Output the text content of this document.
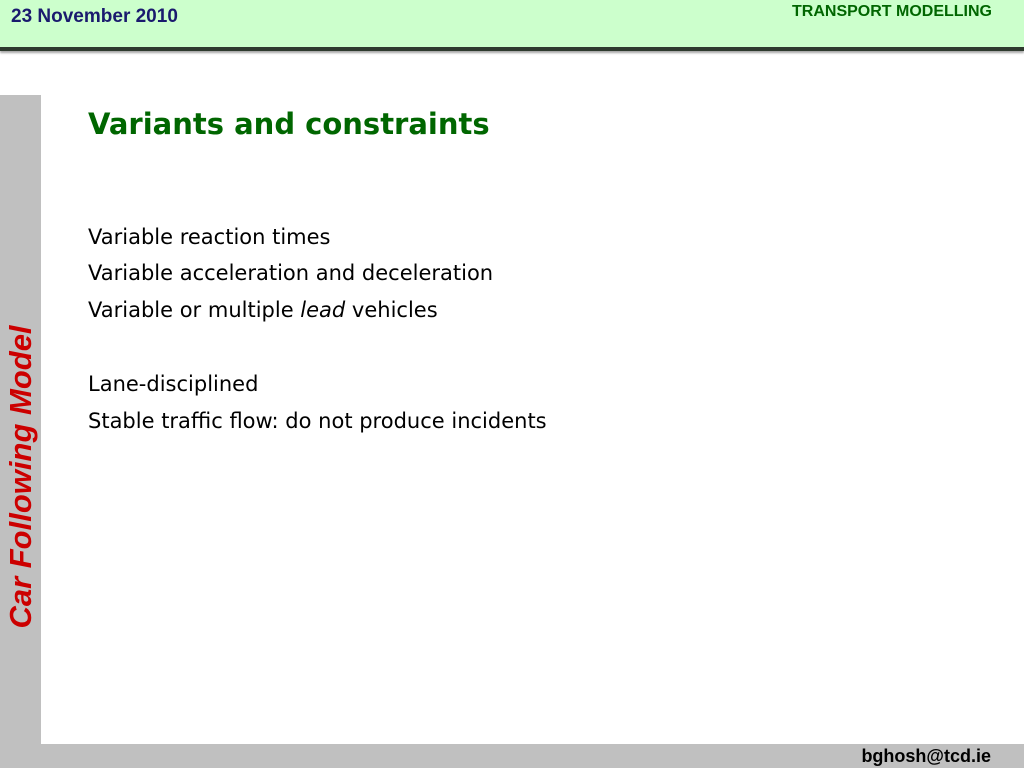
23 November 2010	TRANSPORT MODELLING
Car Following Model
Variants and constraints
Variable reaction times
Variable acceleration and deceleration
Variable or multiple lead vehicles
Lane-disciplined
Stable traffic flow: do not produce incidents
bghosh@tcd.ie
